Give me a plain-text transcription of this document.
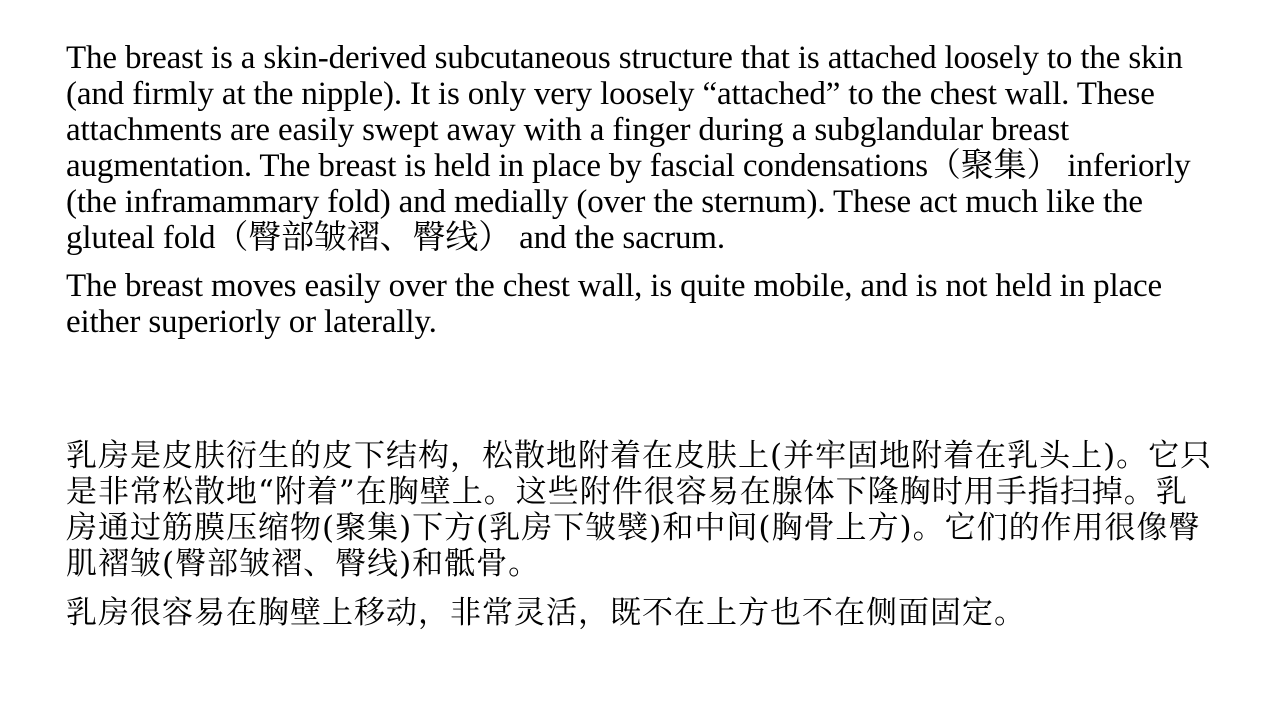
The breast is a skin-derived subcutaneous structure that is attached loosely to the skin (and firmly at the nipple). It is only very loosely “attached” to the chest wall. These attachments are easily swept away with a finger during a subglandular breast augmentation. The breast is held in place by fascial condensations（聚集） inferiorly (the inframammary fold) and medially (over the sternum). These act much like the gluteal fold（臀部皱褶、臀线） and the sacrum.

The breast moves easily over the chest wall, is quite mobile, and is not held in place either superiorly or laterally.

乳房是皮肤衍生的皮下结构，松散地附着在皮肤上(并牢固地附着在乳头上)。它只是非常松散地“附着”在胸壁上。这些附件很容易在腺体下隆胸时用手指扫掉。乳房通过筋膜压缩物(聚集)下方(乳房下皱襞)和中间(胸骨上方)。它们的作用很像臀肌褶皱(臀部皱褶、臀线)和骶骨。

乳房很容易在胸壁上移动，非常灵活，既不在上方也不在侧面固定。
